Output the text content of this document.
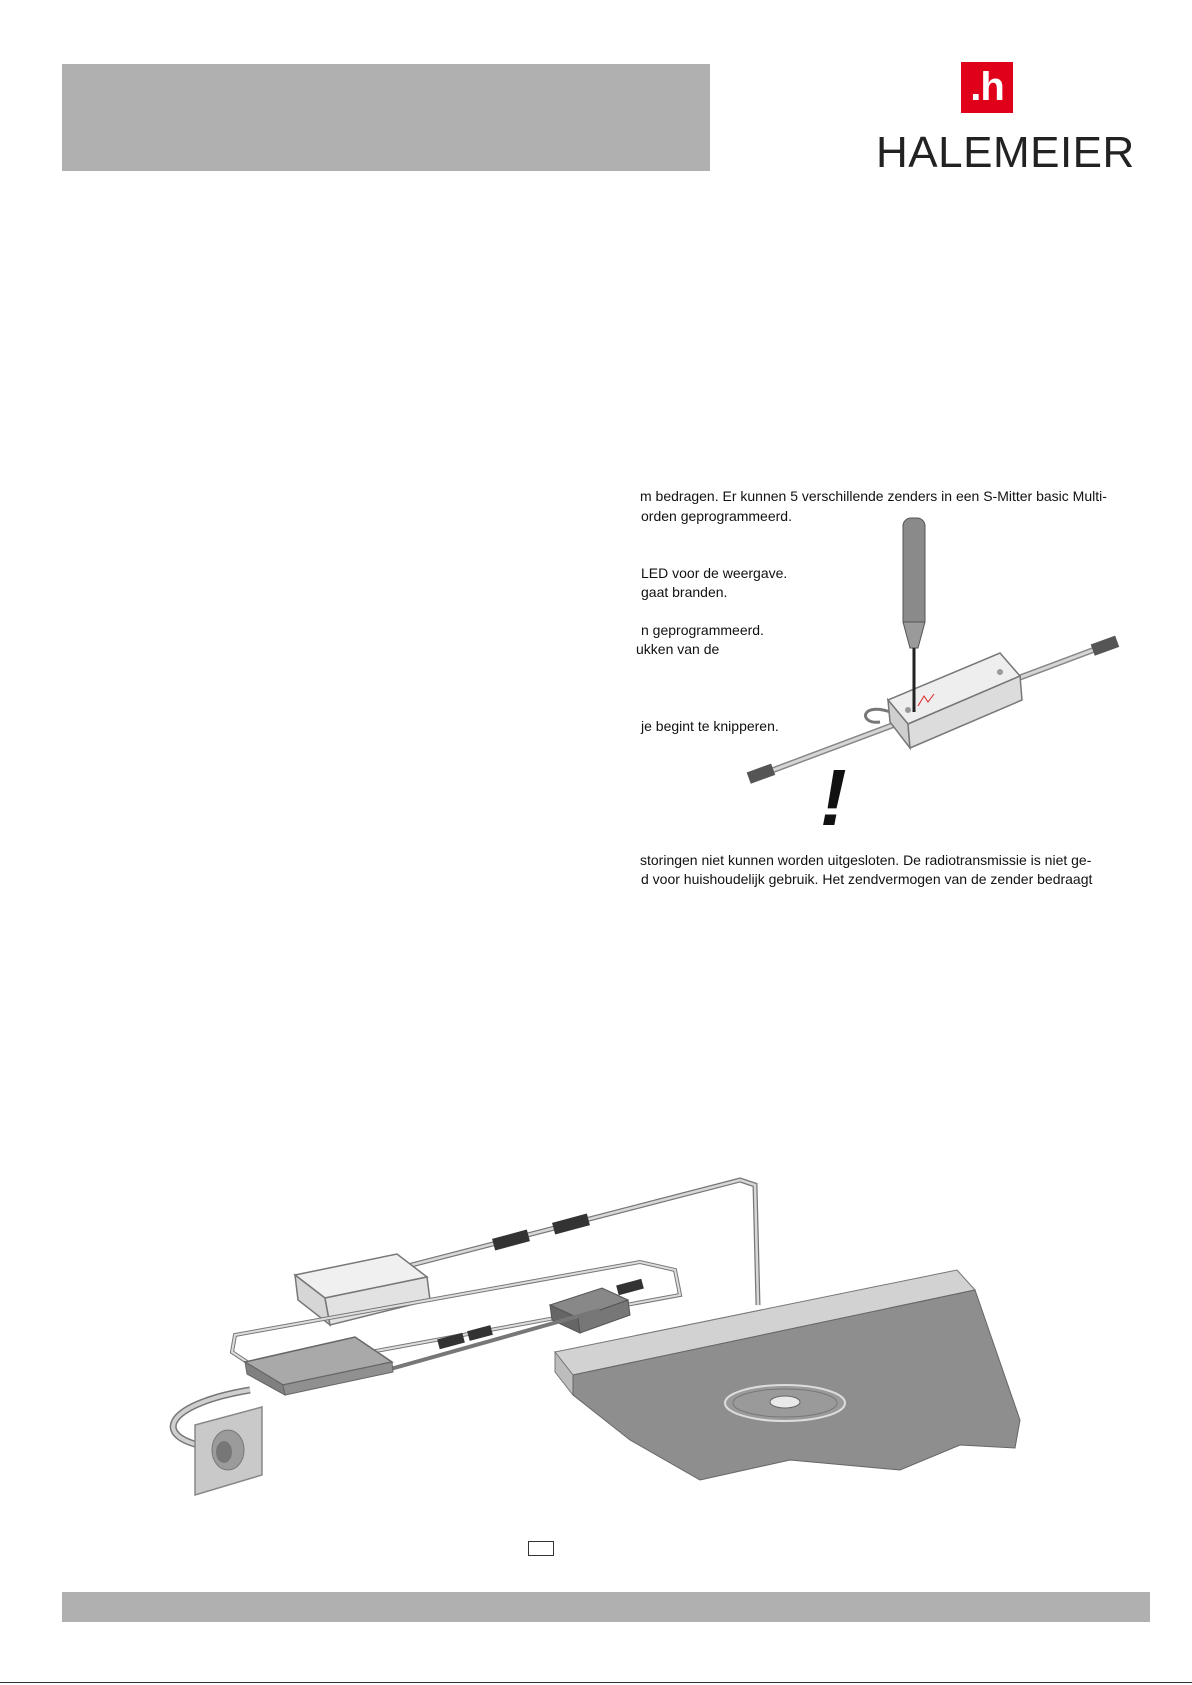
.h
HALEMEIER
m bedragen. Er kunnen 5 verschillende zenders in een S-Mitter basic Multi-
orden geprogrammeerd.
LED voor de weergave.
gaat branden.
n geprogrammeerd.
ukken van de
je begint te knipperen.
!
storingen niet kunnen worden uitgesloten. De radiotransmissie is niet ge-
d voor huishoudelijk gebruik. Het zendvermogen van de zender bedraagt
